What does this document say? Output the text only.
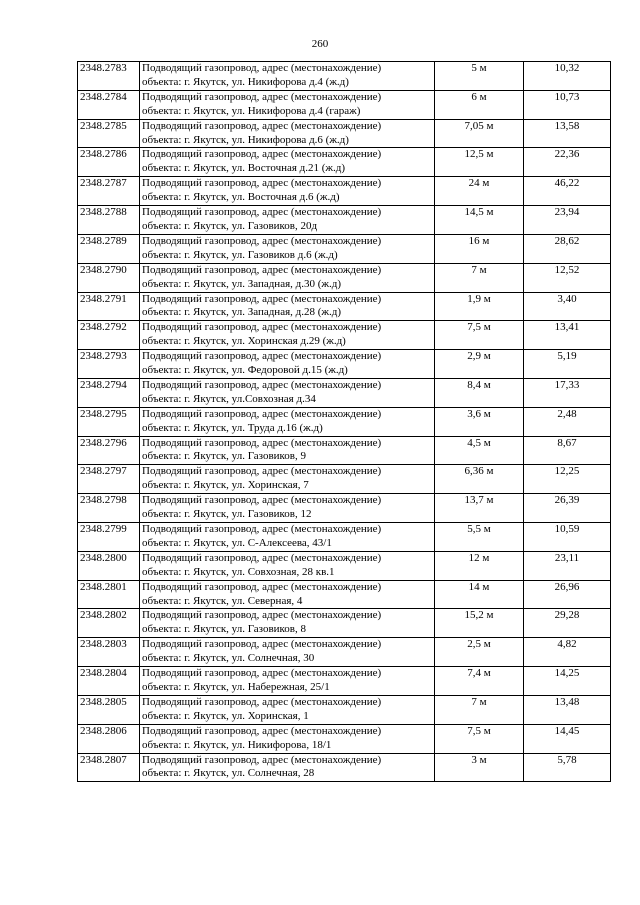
260
2348.2783	Подводящий газопровод, адрес (местонахождение)
объекта: г. Якутск, ул. Никифорова д.4 (ж.д)	5 м	10,32
2348.2784	Подводящий газопровод, адрес (местонахождение)
объекта: г. Якутск, ул. Никифорова д.4 (гараж)	6 м	10,73
2348.2785	Подводящий газопровод, адрес (местонахождение)
объекта: г. Якутск, ул. Никифорова д.6 (ж.д)	7,05 м	13,58
2348.2786	Подводящий газопровод, адрес (местонахождение)
объекта: г. Якутск, ул. Восточная д.21 (ж.д)	12,5 м	22,36
2348.2787	Подводящий газопровод, адрес (местонахождение)
объекта: г. Якутск, ул. Восточная д.6 (ж.д)	24 м	46,22
2348.2788	Подводящий газопровод, адрес (местонахождение)
объекта: г. Якутск, ул. Газовиков, 20д	14,5 м	23,94
2348.2789	Подводящий газопровод, адрес (местонахождение)
объекта: г. Якутск, ул. Газовиков д.6 (ж.д)	16 м	28,62
2348.2790	Подводящий газопровод, адрес (местонахождение)
объекта: г. Якутск, ул. Западная, д.30 (ж.д)	7 м	12,52
2348.2791	Подводящий газопровод, адрес (местонахождение)
объекта: г. Якутск, ул. Западная, д.28 (ж.д)	1,9 м	3,40
2348.2792	Подводящий газопровод, адрес (местонахождение)
объекта: г. Якутск, ул. Хоринская д.29 (ж.д)	7,5 м	13,41
2348.2793	Подводящий газопровод, адрес (местонахождение)
объекта: г. Якутск, ул. Федоровой д.15 (ж.д)	2,9 м	5,19
2348.2794	Подводящий газопровод, адрес (местонахождение)
объекта: г. Якутск, ул.Совхозная д.34	8,4 м	17,33
2348.2795	Подводящий газопровод, адрес (местонахождение)
объекта: г. Якутск, ул. Труда д.16 (ж.д)	3,6 м	2,48
2348.2796	Подводящий газопровод, адрес (местонахождение)
объекта: г. Якутск, ул. Газовиков, 9	4,5 м	8,67
2348.2797	Подводящий газопровод, адрес (местонахождение)
объекта: г. Якутск, ул. Хоринская, 7	6,36 м	12,25
2348.2798	Подводящий газопровод, адрес (местонахождение)
объекта: г. Якутск, ул. Газовиков, 12	13,7 м	26,39
2348.2799	Подводящий газопровод, адрес (местонахождение)
объекта: г. Якутск, ул. С-Алексеева, 43/1	5,5 м	10,59
2348.2800	Подводящий газопровод, адрес (местонахождение)
объекта: г. Якутск, ул. Совхозная, 28 кв.1	12 м	23,11
2348.2801	Подводящий газопровод, адрес (местонахождение)
объекта: г. Якутск, ул. Северная, 4	14 м	26,96
2348.2802	Подводящий газопровод, адрес (местонахождение)
объекта: г. Якутск, ул. Газовиков, 8	15,2 м	29,28
2348.2803	Подводящий газопровод, адрес (местонахождение)
объекта: г. Якутск, ул. Солнечная, 30	2,5 м	4,82
2348.2804	Подводящий газопровод, адрес (местонахождение)
объекта: г. Якутск, ул. Набережная, 25/1	7,4 м	14,25
2348.2805	Подводящий газопровод, адрес (местонахождение)
объекта: г. Якутск, ул. Хоринская, 1	7 м	13,48
2348.2806	Подводящий газопровод, адрес (местонахождение)
объекта: г. Якутск, ул. Никифорова, 18/1	7,5 м	14,45
2348.2807	Подводящий газопровод, адрес (местонахождение)
объекта: г. Якутск, ул. Солнечная, 28	3 м	5,78
